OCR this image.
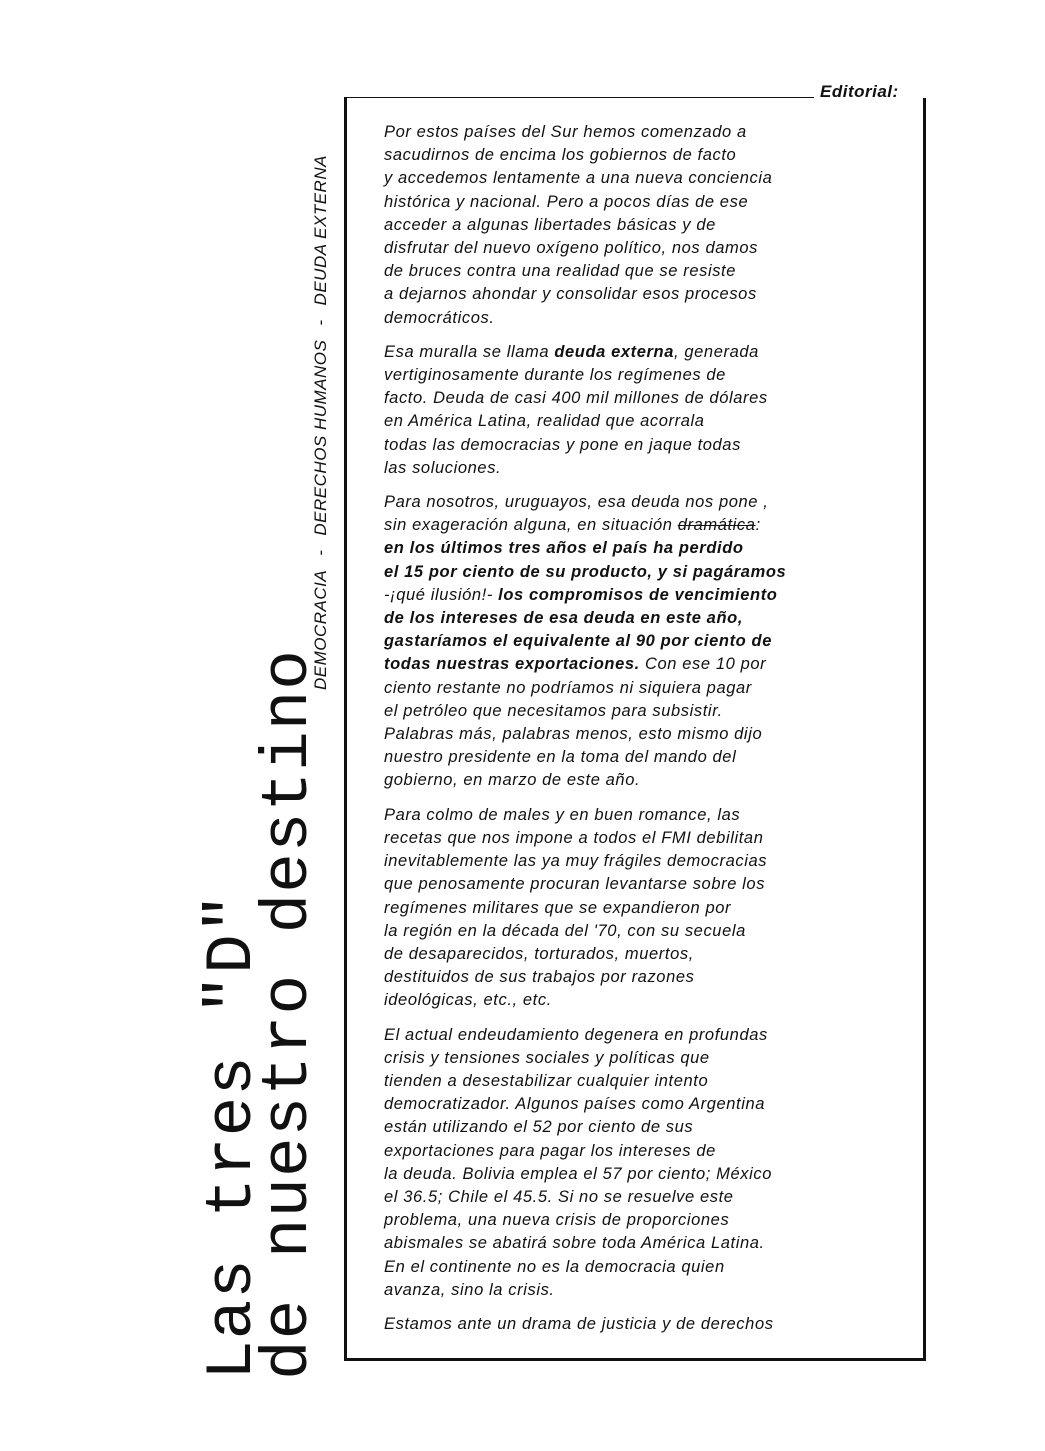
Las tres "D"
de nuestro destino
DEMOCRACIA-DERECHOS HUMANOS-DEUDA EXTERNA
Editorial:
Por estos países del Sur hemos comenzado a
sacudirnos de encima los gobiernos de facto
y accedemos lentamente a una nueva conciencia
histórica y nacional. Pero a pocos días de ese
acceder a algunas libertades básicas y de
disfrutar del nuevo oxígeno político, nos damos
de bruces contra una realidad que se resiste
a dejarnos ahondar y consolidar esos procesos
democráticos.
Esa muralla se llama deuda externa, generada
vertiginosamente durante los regímenes de
facto. Deuda de casi 400 mil millones de dólares
en América Latina, realidad que acorrala
todas las democracias y pone en jaque todas
las soluciones.
Para nosotros, uruguayos, esa deuda nos pone ,
sin exageración alguna, en situación dramática:
en los últimos tres años el país ha perdido
el 15 por ciento de su producto, y si pagáramos
-¡qué ilusión!- los compromisos de vencimiento
de los intereses de esa deuda en este año,
gastaríamos el equivalente al 90 por ciento de
todas nuestras exportaciones. Con ese 10 por
ciento restante no podríamos ni siquiera pagar
el petróleo que necesitamos para subsistir.
Palabras más, palabras menos, esto mismo dijo
nuestro presidente en la toma del mando del
gobierno, en marzo de este año.
Para colmo de males y en buen romance, las
recetas que nos impone a todos el FMI debilitan
inevitablemente las ya muy frágiles democracias
que penosamente procuran levantarse sobre los
regímenes militares que se expandieron por
la región en la década del '70, con su secuela
de desaparecidos, torturados, muertos,
destituidos de sus trabajos por razones
ideológicas, etc., etc.
El actual endeudamiento degenera en profundas
crisis y tensiones sociales y políticas que
tienden a desestabilizar cualquier intento
democratizador. Algunos países como Argentina
están utilizando el 52 por ciento de sus
exportaciones para pagar los intereses de
la deuda. Bolivia emplea el 57 por ciento; México
el 36.5; Chile el 45.5. Si no se resuelve este
problema, una nueva crisis de proporciones
abismales se abatirá sobre toda América Latina.
En el continente no es la democracia quien
avanza, sino la crisis.
Estamos ante un drama de justicia y de derechos
